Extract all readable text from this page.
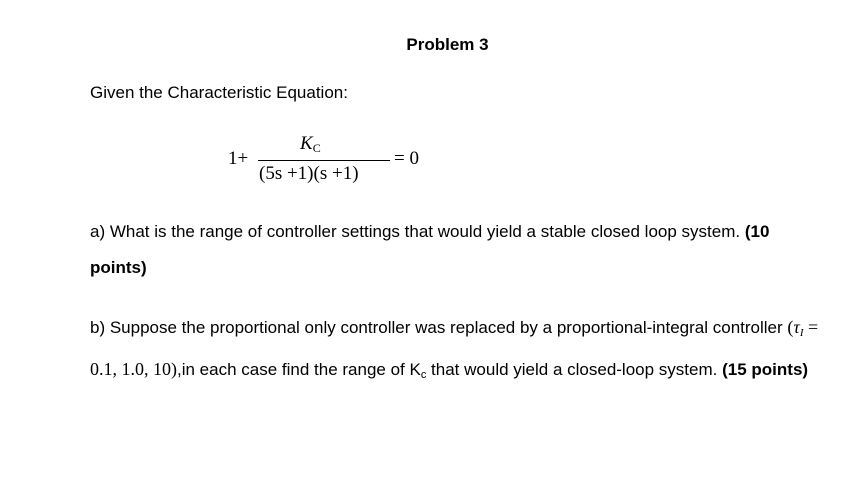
Problem 3
Given the Characteristic Equation:
1+
$K_C$
(5s +1)(s +1)
= 0
a) What is the range of controller settings that would yield a stable closed loop system. (10 points)
b) Suppose the proportional only controller was replaced by a proportional-integral controller ($\tau_I = 0.1$, 1.0, 10),in each case find the range of Kc that would yield a closed-loop system. (15 points)
